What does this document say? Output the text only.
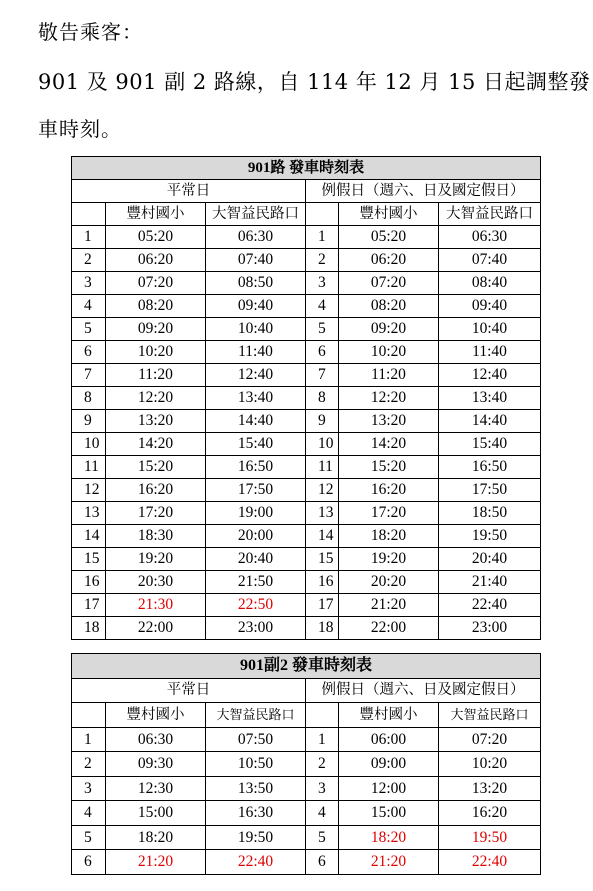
敬告乘客：
901 及 901 副 2 路線，自 114 年 12 月 15 日起調整發
車時刻。
901路 發車時刻表					
平常日			例假日（週六、日及國定假日）		
	豐村國小	大智益民路口		豐村國小	大智益民路口
1	05:20	06:30	1	05:20	06:30
2	06:20	07:40	2	06:20	07:40
3	07:20	08:50	3	07:20	08:40
4	08:20	09:40	4	08:20	09:40
5	09:20	10:40	5	09:20	10:40
6	10:20	11:40	6	10:20	11:40
7	11:20	12:40	7	11:20	12:40
8	12:20	13:40	8	12:20	13:40
9	13:20	14:40	9	13:20	14:40
10	14:20	15:40	10	14:20	15:40
11	15:20	16:50	11	15:20	16:50
12	16:20	17:50	12	16:20	17:50
13	17:20	19:00	13	17:20	18:50
14	18:30	20:00	14	18:20	19:50
15	19:20	20:40	15	19:20	20:40
16	20:30	21:50	16	20:20	21:40
17	21:30	22:50	17	21:20	22:40
18	22:00	23:00	18	22:00	23:00
901副2 發車時刻表					
平常日			例假日（週六、日及國定假日）		
	豐村國小	大智益民路口		豐村國小	大智益民路口
1	06:30	07:50	1	06:00	07:20
2	09:30	10:50	2	09:00	10:20
3	12:30	13:50	3	12:00	13:20
4	15:00	16:30	4	15:00	16:20
5	18:20	19:50	5	18:20	19:50
6	21:20	22:40	6	21:20	22:40
